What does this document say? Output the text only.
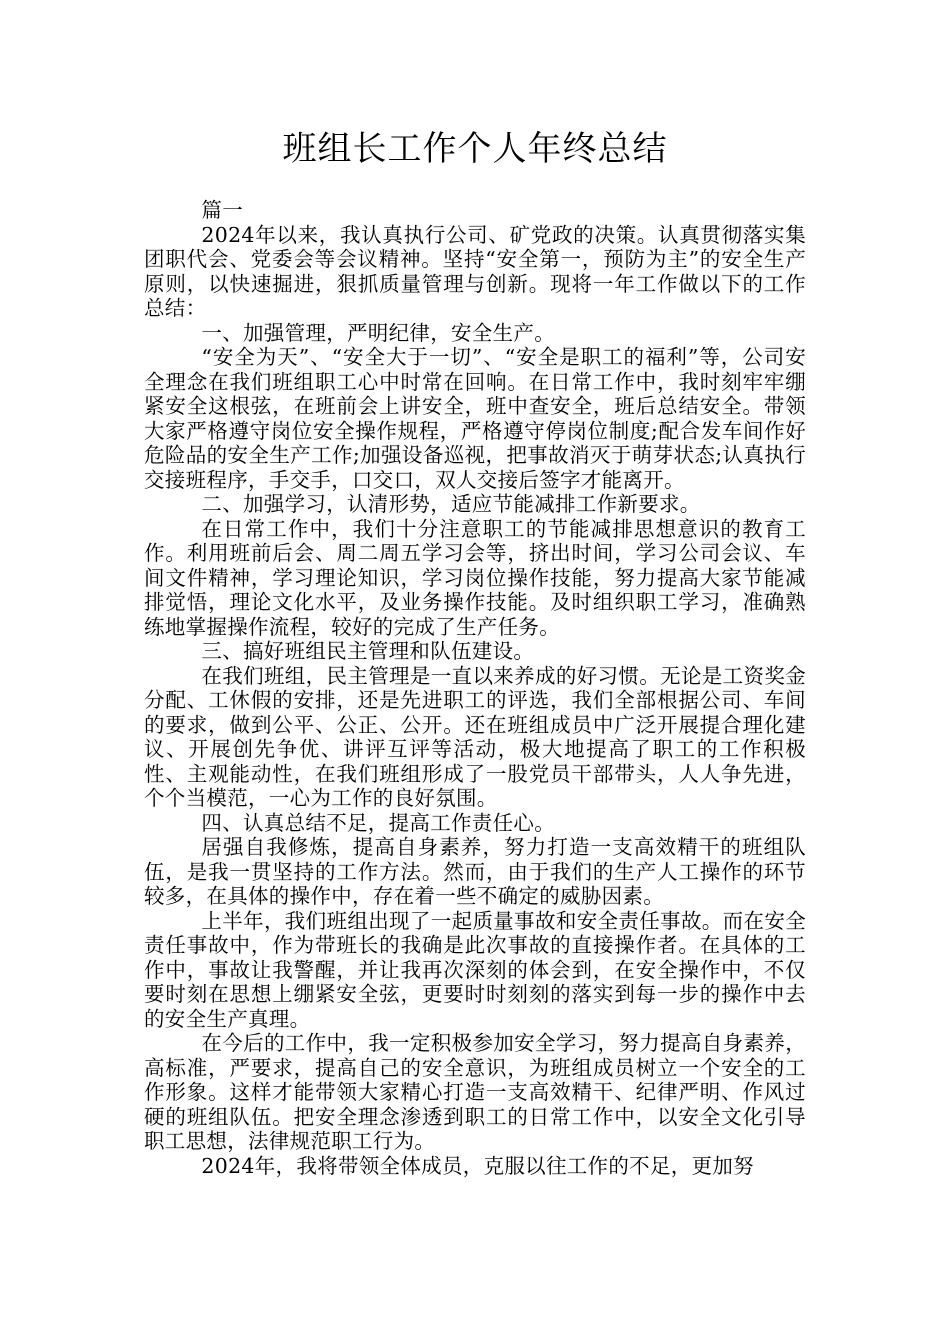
班组长工作个人年终总结

篇一

2024年以来，我认真执行公司、矿党政的决策。认真贯彻落实集团职代会、党委会等会议精神。坚持“安全第一，预防为主”的安全生产原则，以快速掘进，狠抓质量管理与创新。现将一年工作做以下的工作总结：

一、加强管理，严明纪律，安全生产。

“安全为天”、“安全大于一切”、“安全是职工的福利”等，公司安全理念在我们班组职工心中时常在回响。在日常工作中，我时刻牢牢绷紧安全这根弦，在班前会上讲安全，班中查安全，班后总结安全。带领大家严格遵守岗位安全操作规程，严格遵守停岗位制度;配合发车间作好危险品的安全生产工作;加强设备巡视，把事故消灭于萌芽状态;认真执行交接班程序，手交手，口交口，双人交接后签字才能离开。

二、加强学习，认清形势，适应节能减排工作新要求。

在日常工作中，我们十分注意职工的节能减排思想意识的教育工作。利用班前后会、周二周五学习会等，挤出时间，学习公司会议、车间文件精神，学习理论知识，学习岗位操作技能，努力提高大家节能减排觉悟，理论文化水平，及业务操作技能。及时组织职工学习，准确熟练地掌握操作流程，较好的完成了生产任务。

三、搞好班组民主管理和队伍建设。

在我们班组，民主管理是一直以来养成的好习惯。无论是工资奖金分配、工休假的安排，还是先进职工的评选，我们全部根据公司、车间的要求，做到公平、公正、公开。还在班组成员中广泛开展提合理化建议、开展创先争优、讲评互评等活动，极大地提高了职工的工作积极性、主观能动性，在我们班组形成了一股党员干部带头，人人争先进，个个当模范，一心为工作的良好氛围。

四、认真总结不足，提高工作责任心。

居强自我修炼，提高自身素养，努力打造一支高效精干的班组队伍，是我一贯坚持的工作方法。然而，由于我们的生产人工操作的环节较多，在具体的操作中，存在着一些不确定的威胁因素。

上半年，我们班组出现了一起质量事故和安全责任事故。而在安全责任事故中，作为带班长的我确是此次事故的直接操作者。在具体的工作中，事故让我警醒，并让我再次深刻的体会到，在安全操作中，不仅要时刻在思想上绷紧安全弦，更要时时刻刻的落实到每一步的操作中去的安全生产真理。

在今后的工作中，我一定积极参加安全学习，努力提高自身素养，高标准，严要求，提高自己的安全意识，为班组成员树立一个安全的工作形象。这样才能带领大家精心打造一支高效精干、纪律严明、作风过硬的班组队伍。把安全理念渗透到职工的日常工作中，以安全文化引导职工思想，法律规范职工行为。

2024年，我将带领全体成员，克服以往工作的不足，更加努
